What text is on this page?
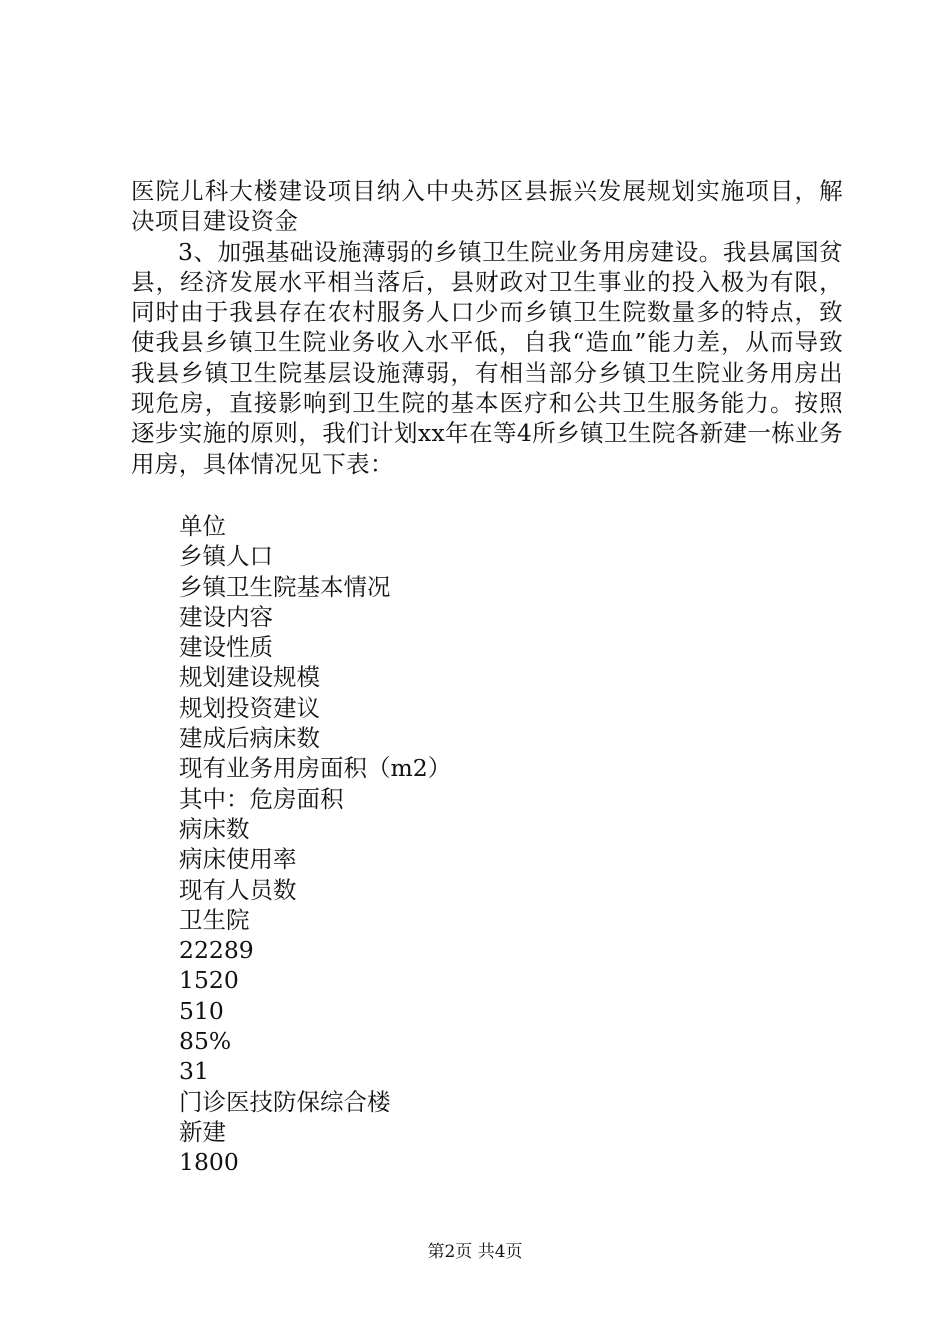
医院儿科大楼建设项目纳入中央苏区县振兴发展规划实施项目，解决项目建设资金

3、加强基础设施薄弱的乡镇卫生院业务用房建设。我县属国贫县，经济发展水平相当落后，县财政对卫生事业的投入极为有限，同时由于我县存在农村服务人口少而乡镇卫生院数量多的特点，致使我县乡镇卫生院业务收入水平低，自我“造血”能力差，从而导致我县乡镇卫生院基层设施薄弱，有相当部分乡镇卫生院业务用房出现危房，直接影响到卫生院的基本医疗和公共卫生服务能力。按照逐步实施的原则，我们计划xx年在等4所乡镇卫生院各新建一栋业务用房，具体情况见下表：

单位
乡镇人口
乡镇卫生院基本情况
建设内容
建设性质
规划建设规模
规划投资建议
建成后病床数
现有业务用房面积（m2）
其中：危房面积
病床数
病床使用率
现有人员数
卫生院
22289
1520
510
85%
31
门诊医技防保综合楼
新建
1800
第2页 共4页
